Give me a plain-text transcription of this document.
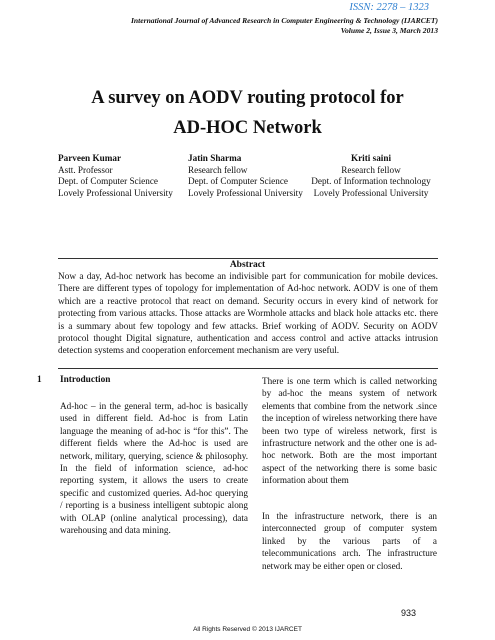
ISSN: 2278 – 1323
International Journal of Advanced Research in Computer Engineering & Technology (IJARCET)
Volume 2, Issue 3, March 2013
A survey on AODV routing protocol for
AD-HOC Network
Parveen Kumar
Astt. Professor
Dept. of Computer Science
Lovely Professional University
Jatin Sharma
Research fellow
Dept. of Computer Science
Lovely Professional University
Kriti saini
Research fellow
Dept. of Information technology
Lovely Professional University
Abstract
Now a day, Ad-hoc network has become an indivisible part for communication for mobile devices. There are different types of topology for implementation of Ad-hoc network. AODV is one of them which are a reactive protocol that react on demand. Security occurs in every kind of network for protecting from various attacks. Those attacks are Wormhole attacks and black hole attacks etc. there is a summary about few topology and few attacks. Brief working of AODV. Security on AODV protocol thought Digital signature, authentication and access control and active attacks intrusion detection systems and cooperation enforcement mechanism are very useful.
1 Introduction
Ad-hoc – in the general term, ad-hoc is basically used in different field. Ad-hoc is from Latin language the meaning of ad-hoc is “for this”. The different fields where the Ad-hoc is used are network, military, querying, science & philosophy. In the field of information science, ad-hoc reporting system, it allows the users to create specific and customized queries. Ad-hoc querying / reporting is a business intelligent subtopic along with OLAP (online analytical processing), data warehousing and data mining.
There is one term which is called networking by ad-hoc the means system of network elements that combine from the network .since the inception of wireless networking there have been two type of wireless network, first is infrastructure network and the other one is ad-hoc network. Both are the most important aspect of the networking there is some basic information about them
In the infrastructure network, there is an interconnected group of computer system linked by the various parts of a telecommunications arch. The infrastructure network may be either open or closed.
933
All Rights Reserved © 2013 IJARCET
